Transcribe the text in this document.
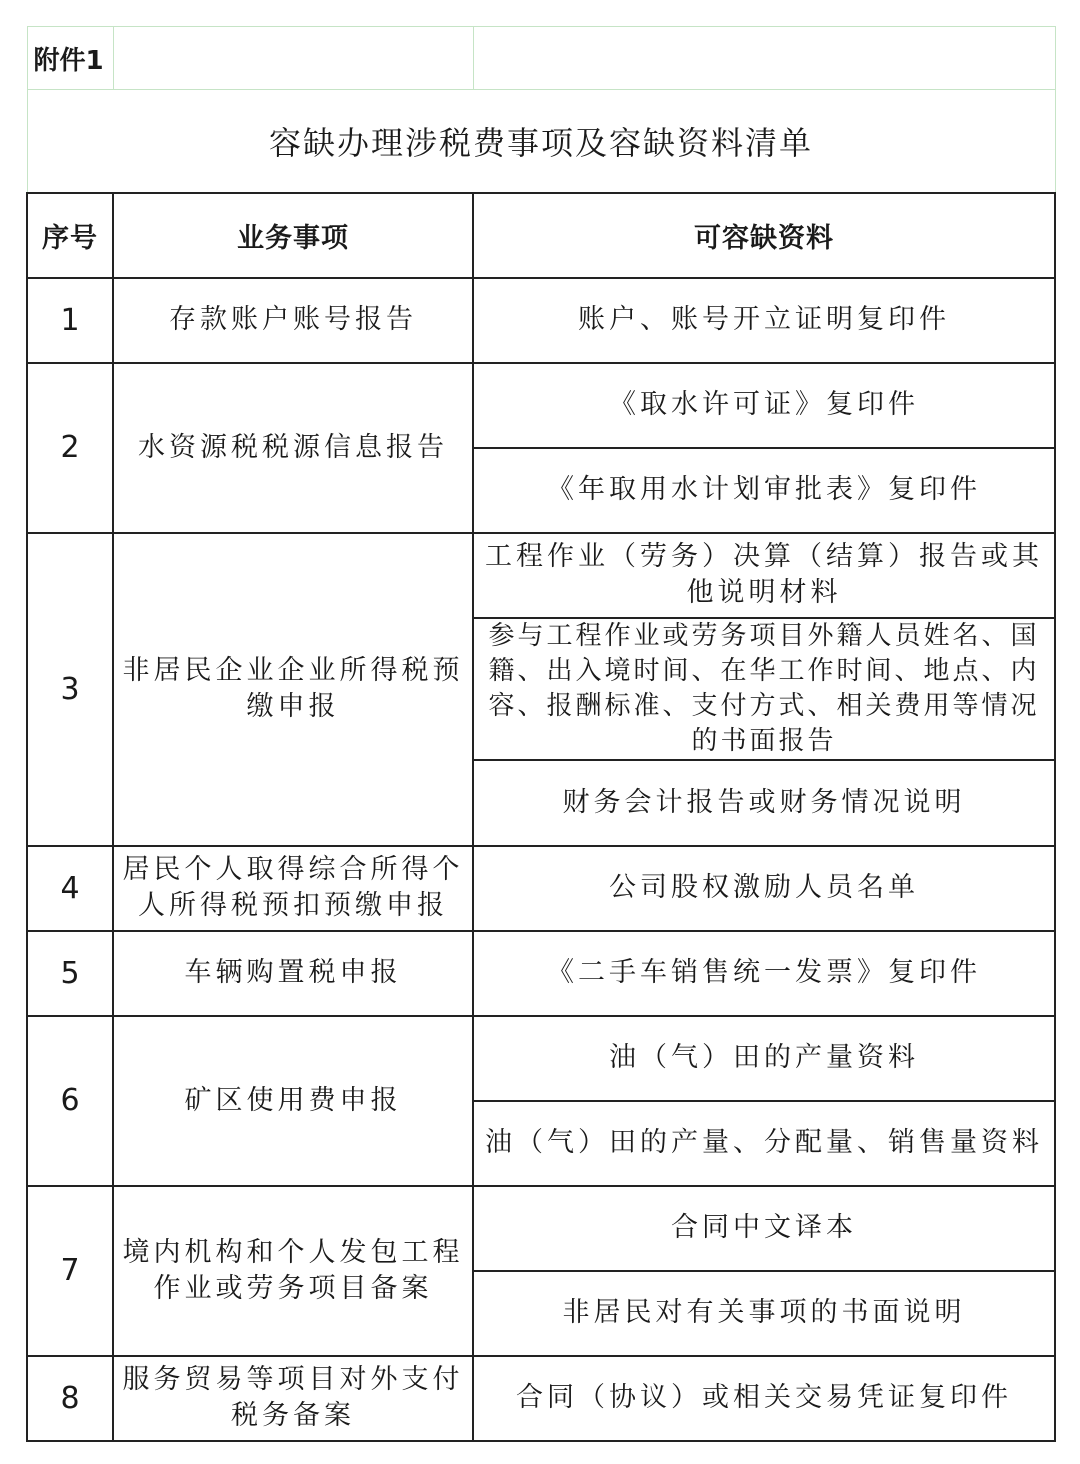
附件1		
容缺办理涉税费事项及容缺资料清单		
序号	业务事项	可容缺资料
1	存款账户账号报告	账户、账号开立证明复印件
2	水资源税税源信息报告	《取水许可证》复印件
		《年取用水计划审批表》复印件
3	非居民企业企业所得税预缴申报	工程作业（劳务）决算（结算）报告或其他说明材料
		参与工程作业或劳务项目外籍人员姓名、国籍、出入境时间、在华工作时间、地点、内容、报酬标准、支付方式、相关费用等情况的书面报告
		财务会计报告或财务情况说明
4	居民个人取得综合所得个人所得税预扣预缴申报	公司股权激励人员名单
5	车辆购置税申报	《二手车销售统一发票》复印件
6	矿区使用费申报	油（气）田的产量资料
		油（气）田的产量、分配量、销售量资料
7	境内机构和个人发包工程作业或劳务项目备案	合同中文译本
		非居民对有关事项的书面说明
8	服务贸易等项目对外支付税务备案	合同（协议）或相关交易凭证复印件
